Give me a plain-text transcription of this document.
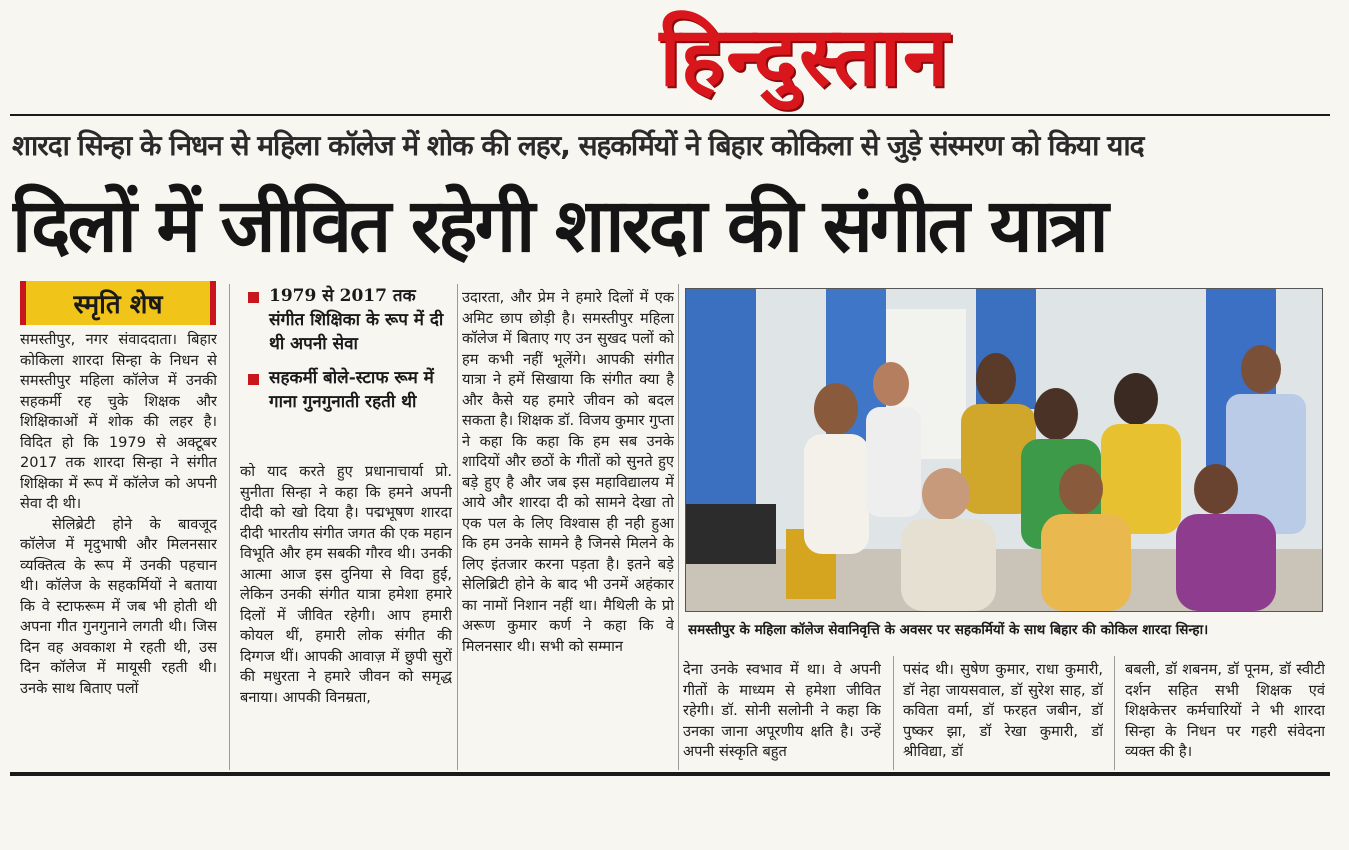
हिन्दुस्तान
शारदा सिन्हा के निधन से महिला कॉलेज में शोक की लहर, सहकर्मियों ने बिहार कोकिला से जुड़े संस्मरण को किया याद
दिलों में जीवित रहेगी शारदा की संगीत यात्रा
स्मृति शेष

समस्तीपुर, नगर संवाददाता। बिहार कोकिला शारदा सिन्हा के निधन से समस्तीपुर महिला कॉलेज में उनकी सहकर्मी रह चुके शिक्षक और शिक्षिकाओं में शोक की लहर है। विदित हो कि 1979 से अक्टूबर 2017 तक शारदा सिन्हा ने संगीत शिक्षिका में रूप में कॉलेज को अपनी सेवा दी थी।

सेलिब्रेटी होने के बावजूद कॉलेज में मृदुभाषी और मिलनसार व्यक्तित्व के रूप में उनकी पहचान थी। कॉलेज के सहकर्मियों ने बताया कि वे स्टाफरूम में जब भी होती थी अपना गीत गुनगुनाने लगती थी। जिस दिन वह अवकाश मे रहती थी, उस दिन कॉलेज में मायूसी रहती थी। उनके साथ बिताए पलों

1979 से 2017 तक संगीत शिक्षिका के रूप में दी थी अपनी सेवा
सहकर्मी बोले-स्टाफ रूम में गाना गुनगुनाती रहती थी

को याद करते हुए प्रधानाचार्या प्रो. सुनीता सिन्हा ने कहा कि हमने अपनी दीदी को खो दिया है। पद्मभूषण शारदा दीदी भारतीय संगीत जगत की एक महान विभूति और हम सबकी गौरव थी। उनकी आत्मा आज इस दुनिया से विदा हुई, लेकिन उनकी संगीत यात्रा हमेशा हमारे दिलों में जीवित रहेगी। आप हमारी कोयल थीं, हमारी लोक संगीत की दिग्गज थीं। आपकी आवाज़ में छुपी सुरों की मधुरता ने हमारे जीवन को समृद्ध बनाया। आपकी विनम्रता,

उदारता, और प्रेम ने हमारे दिलों में एक अमिट छाप छोड़ी है। समस्तीपुर महिला कॉलेज में बिताए गए उन सुखद पलों को हम कभी नहीं भूलेंगे। आपकी संगीत यात्रा ने हमें सिखाया कि संगीत क्या है और कैसे यह हमारे जीवन को बदल सकता है। शिक्षक डॉ. विजय कुमार गुप्ता ने कहा कि कहा कि हम सब उनके शादियों और छठों के गीतों को सुनते हुए बड़े हुए है और जब इस महाविद्यालय में आये और शारदा दी को सामने देखा तो एक पल के लिए विश्वास ही नही हुआ कि हम उनके सामने है जिनसे मिलने के लिए इंतजार करना पड़ता है। इतने बड़े सेलिब्रिटी होने के बाद भी उनमें अहंकार का नामों निशान नहीं था। मैथिली के प्रो अरूण कुमार कर्ण ने कहा कि वे मिलनसार थी। सभी को सम्मान

समस्तीपुर के महिला कॉलेज सेवानिवृत्ति के अवसर पर सहकर्मियों के साथ बिहार की कोकिल शारदा सिन्हा।

देना उनके स्वभाव में था। वे अपनी गीतों के माध्यम से हमेशा जीवित रहेगी। डॉ. सोनी सलोनी ने कहा कि उनका जाना अपूरणीय क्षति है। उन्हें अपनी संस्कृति बहुत

पसंद थी। सुषेण कुमार, राधा कुमारी, डॉ नेहा जायसवाल, डॉ सुरेश साह, डॉ कविता वर्मा, डॉ फरहत जबीन, डॉ पुष्कर झा, डॉ रेखा कुमारी, डॉ श्रीविद्या, डॉ

बबली, डॉ शबनम, डॉ पूनम, डॉ स्वीटी दर्शन सहित सभी शिक्षक एवं शिक्षकेत्तर कर्मचारियों ने भी शारदा सिन्हा के निधन पर गहरी संवेदना व्यक्त की है।
